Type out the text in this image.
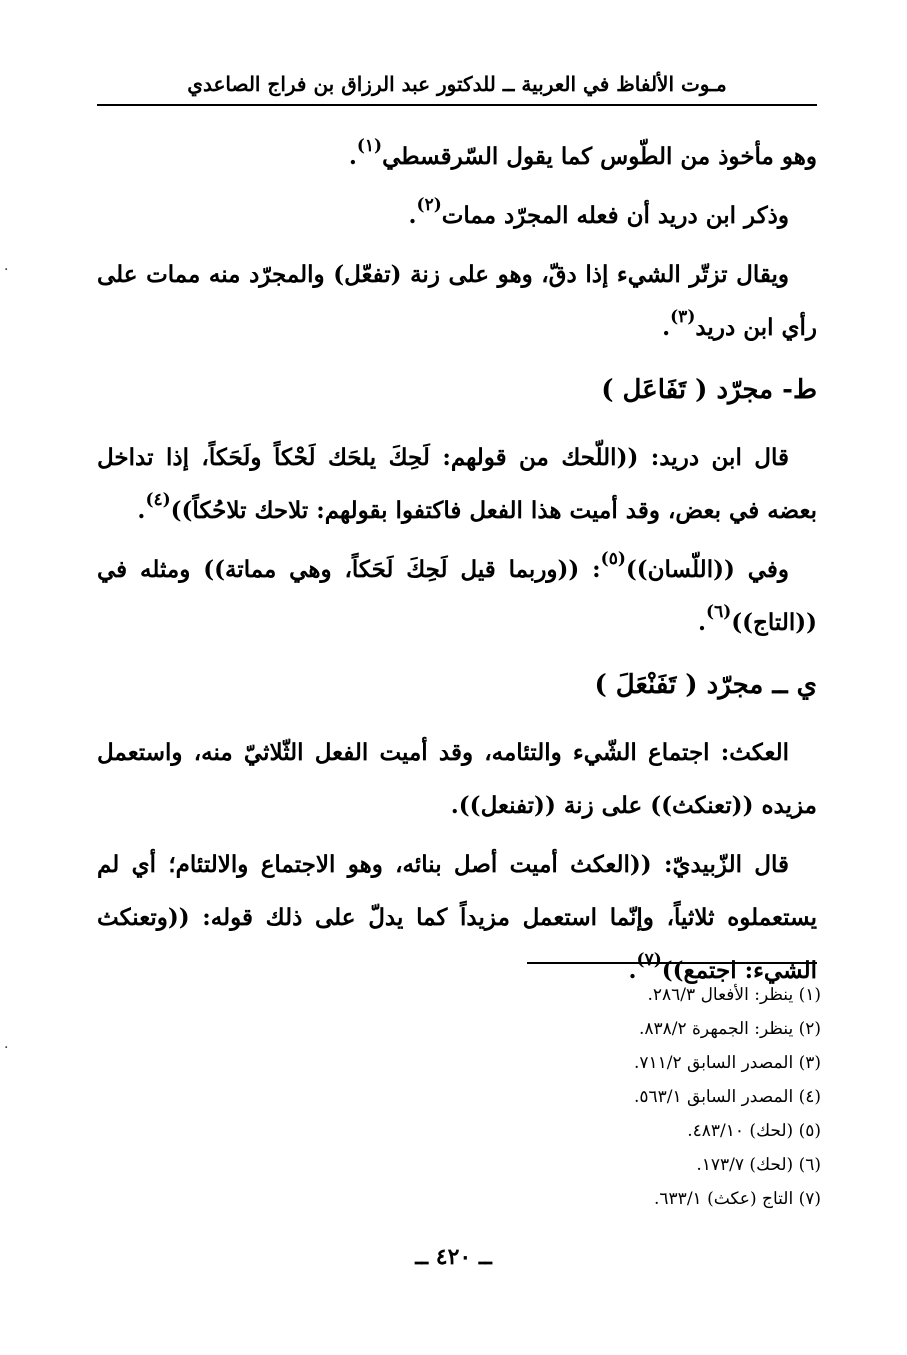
مـوت الألفاظ في العربية ــ للدكتور عبد الرزاق بن فراج الصاعدي

وهو مأخوذ من الطّوس كما يقول السّرقسطي$^{(١)}$.

وذكر ابن دريد أن فعله المجرّد ممات$^{(٢)}$.

ويقال تزتّر الشيء إذا دقّ، وهو على زنة (تفعّل) والمجرّد منه ممات على رأي ابن دريد$^{(٣)}$.

ط- مجرّد ( تَفَاعَل )

قال ابن دريد: ((اللّحك من قولهم: لَحِكَ يلحَك لَحْكاً ولَحَكاً، إذا تداخل بعضه في بعض، وقد أميت هذا الفعل فاكتفوا بقولهم: تلاحك تلاحُكاً))$^{(٤)}$.

وفي ((اللّسان))$^{(٥)}$: ((وربما قيل لَحِكَ لَحَكاً، وهي مماتة)) ومثله في ((التاج))$^{(٦)}$.

ي ــ مجرّد ( تَفَنْعَلَ )

العكث: اجتماع الشّيء والتئامه، وقد أميت الفعل الثّلاثيّ منه، واستعمل مزيده ((تعنكث)) على زنة ((تفنعل)).

قال الزّبيديّ: ((العكث أميت أصل بنائه، وهو الاجتماع والالتئام؛ أي لم يستعملوه ثلاثياً، وإنّما استعمل مزيداً كما يدلّ على ذلك قوله: ((وتعنكث الشيء: اجتمع))$^{(٧)}$.

(١) ينظر: الأفعال ٢٨٦/٣.
(٢) ينظر: الجمهرة ٨٣٨/٢.
(٣) المصدر السابق ٧١١/٢.
(٤) المصدر السابق ٥٦٣/١.
(٥) (لحك) ٤٨٣/١٠.
(٦) (لحك) ١٧٣/٧.
(٧) التاج (عكث) ٦٣٣/١.
ــ ٤٢٠ ــ
·
·
